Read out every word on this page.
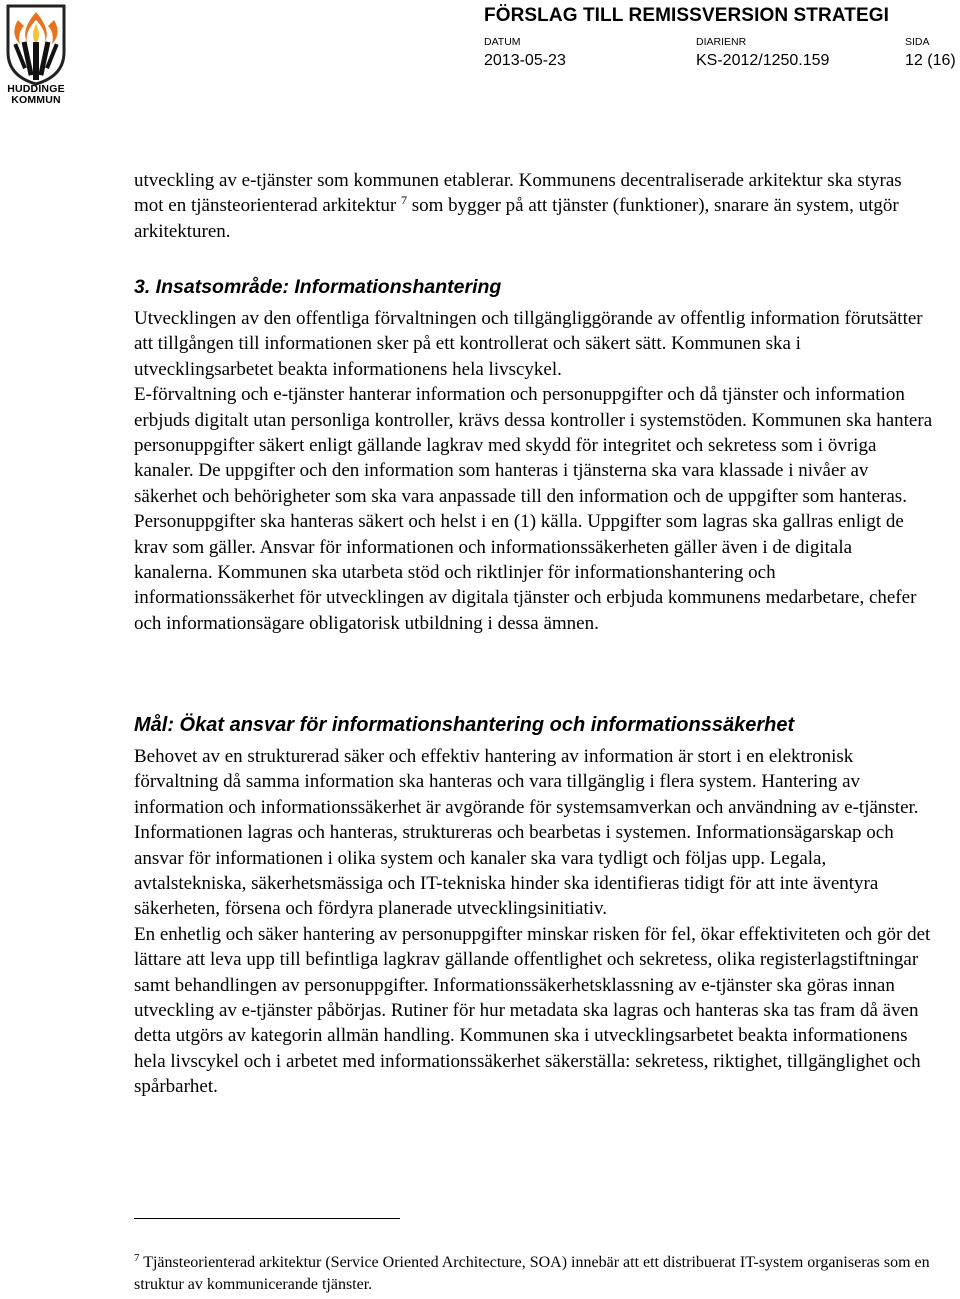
HUDDINGE
KOMMUN
FÖRSLAG TILL REMISSVERSION STRATEGI
DATUM	DIARIENR	SIDA
2013-05-23	KS-2012/1250.159	12 (16)

utveckling av e-tjänster som kommunen etablerar. Kommunens decentraliserade arkitektur ska styras mot en tjänsteorienterad arkitektur $^7$ som bygger på att tjänster (funktioner), snarare än system, utgör arkitekturen.

3. Insatsområde: Informationshantering

Utvecklingen av den offentliga förvaltningen och tillgängliggörande av offentlig information förutsätter att tillgången till informationen sker på ett kontrollerat och säkert sätt. Kommunen ska i utvecklingsarbetet beakta informationens hela livscykel.

E-förvaltning och e-tjänster hanterar information och personuppgifter och då tjänster och information erbjuds digitalt utan personliga kontroller, krävs dessa kontroller i systemstöden. Kommunen ska hantera personuppgifter säkert enligt gällande lagkrav med skydd för integritet och sekretess som i övriga kanaler. De uppgifter och den information som hanteras i tjänsterna ska vara klassade i nivåer av säkerhet och behörigheter som ska vara anpassade till den information och de uppgifter som hanteras. Personuppgifter ska hanteras säkert och helst i en (1) källa. Uppgifter som lagras ska gallras enligt de krav som gäller. Ansvar för informationen och informationssäkerheten gäller även i de digitala kanalerna. Kommunen ska utarbeta stöd och riktlinjer för informationshantering och informationssäkerhet för utvecklingen av digitala tjänster och erbjuda kommunens medarbetare, chefer och informationsägare obligatorisk utbildning i dessa ämnen.

Mål: Ökat ansvar för informationshantering och informationssäkerhet

Behovet av en strukturerad säker och effektiv hantering av information är stort i en elektronisk förvaltning då samma information ska hanteras och vara tillgänglig i flera system. Hantering av information och informationssäkerhet är avgörande för systemsamverkan och användning av e-tjänster. Informationen lagras och hanteras, struktureras och bearbetas i systemen. Informationsägarskap och ansvar för informationen i olika system och kanaler ska vara tydligt och följas upp. Legala, avtalstekniska, säkerhetsmässiga och IT-tekniska hinder ska identifieras tidigt för att inte äventyra säkerheten, försena och fördyra planerade utvecklingsinitiativ.

En enhetlig och säker hantering av personuppgifter minskar risken för fel, ökar effektiviteten och gör det lättare att leva upp till befintliga lagkrav gällande offentlighet och sekretess, olika registerlagstiftningar samt behandlingen av personuppgifter. Informationssäkerhetsklassning av e-tjänster ska göras innan utveckling av e-tjänster påbörjas. Rutiner för hur metadata ska lagras och hanteras ska tas fram då även detta utgörs av kategorin allmän handling. Kommunen ska i utvecklingsarbetet beakta informationens hela livscykel och i arbetet med informationssäkerhet säkerställa: sekretess, riktighet, tillgänglighet och spårbarhet.

$^7$ Tjänsteorienterad arkitektur (Service Oriented Architecture, SOA) innebär att ett distribuerat IT-system organiseras som en struktur av kommunicerande tjänster.
